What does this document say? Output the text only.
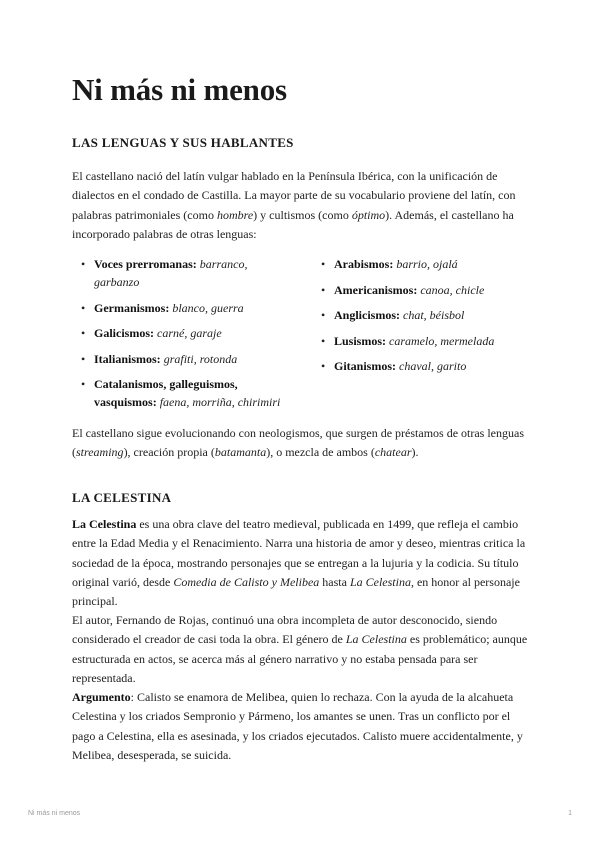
Ni más ni menos
LAS LENGUAS Y SUS HABLANTES

El castellano nació del latín vulgar hablado en la Península Ibérica, con la unificación de dialectos en el condado de Castilla. La mayor parte de su vocabulario proviene del latín, con palabras patrimoniales (como hombre) y cultismos (como óptimo). Además, el castellano ha incorporado palabras de otras lenguas:

• Voces prerromanas: barranco, garbanzo
• Germanismos: blanco, guerra
• Galicismos: carné, garaje
• Italianismos: grafiti, rotonda
• Catalanismos, galleguismos, vasquismos: faena, morriña, chirimiri
• Arabismos: barrio, ojalá
• Americanismos: canoa, chicle
• Anglicismos: chat, béisbol
• Lusismos: caramelo, mermelada
• Gitanismos: chaval, garito

El castellano sigue evolucionando con neologismos, que surgen de préstamos de otras lenguas (streaming), creación propia (batamanta), o mezcla de ambos (chatear).

LA CELESTINA

La Celestina es una obra clave del teatro medieval, publicada en 1499, que refleja el cambio entre la Edad Media y el Renacimiento. Narra una historia de amor y deseo, mientras critica la sociedad de la época, mostrando personajes que se entregan a la lujuria y la codicia. Su título original varió, desde Comedia de Calisto y Melibea hasta La Celestina, en honor al personaje principal.

El autor, Fernando de Rojas, continuó una obra incompleta de autor desconocido, siendo considerado el creador de casi toda la obra. El género de La Celestina es problemático; aunque estructurada en actos, se acerca más al género narrativo y no estaba pensada para ser representada.

Argumento: Calisto se enamora de Melibea, quien lo rechaza. Con la ayuda de la alcahueta Celestina y los criados Sempronio y Pármeno, los amantes se unen. Tras un conflicto por el pago a Celestina, ella es asesinada, y los criados ejecutados. Calisto muere accidentalmente, y Melibea, desesperada, se suicida.

Ni más ni menos	1
